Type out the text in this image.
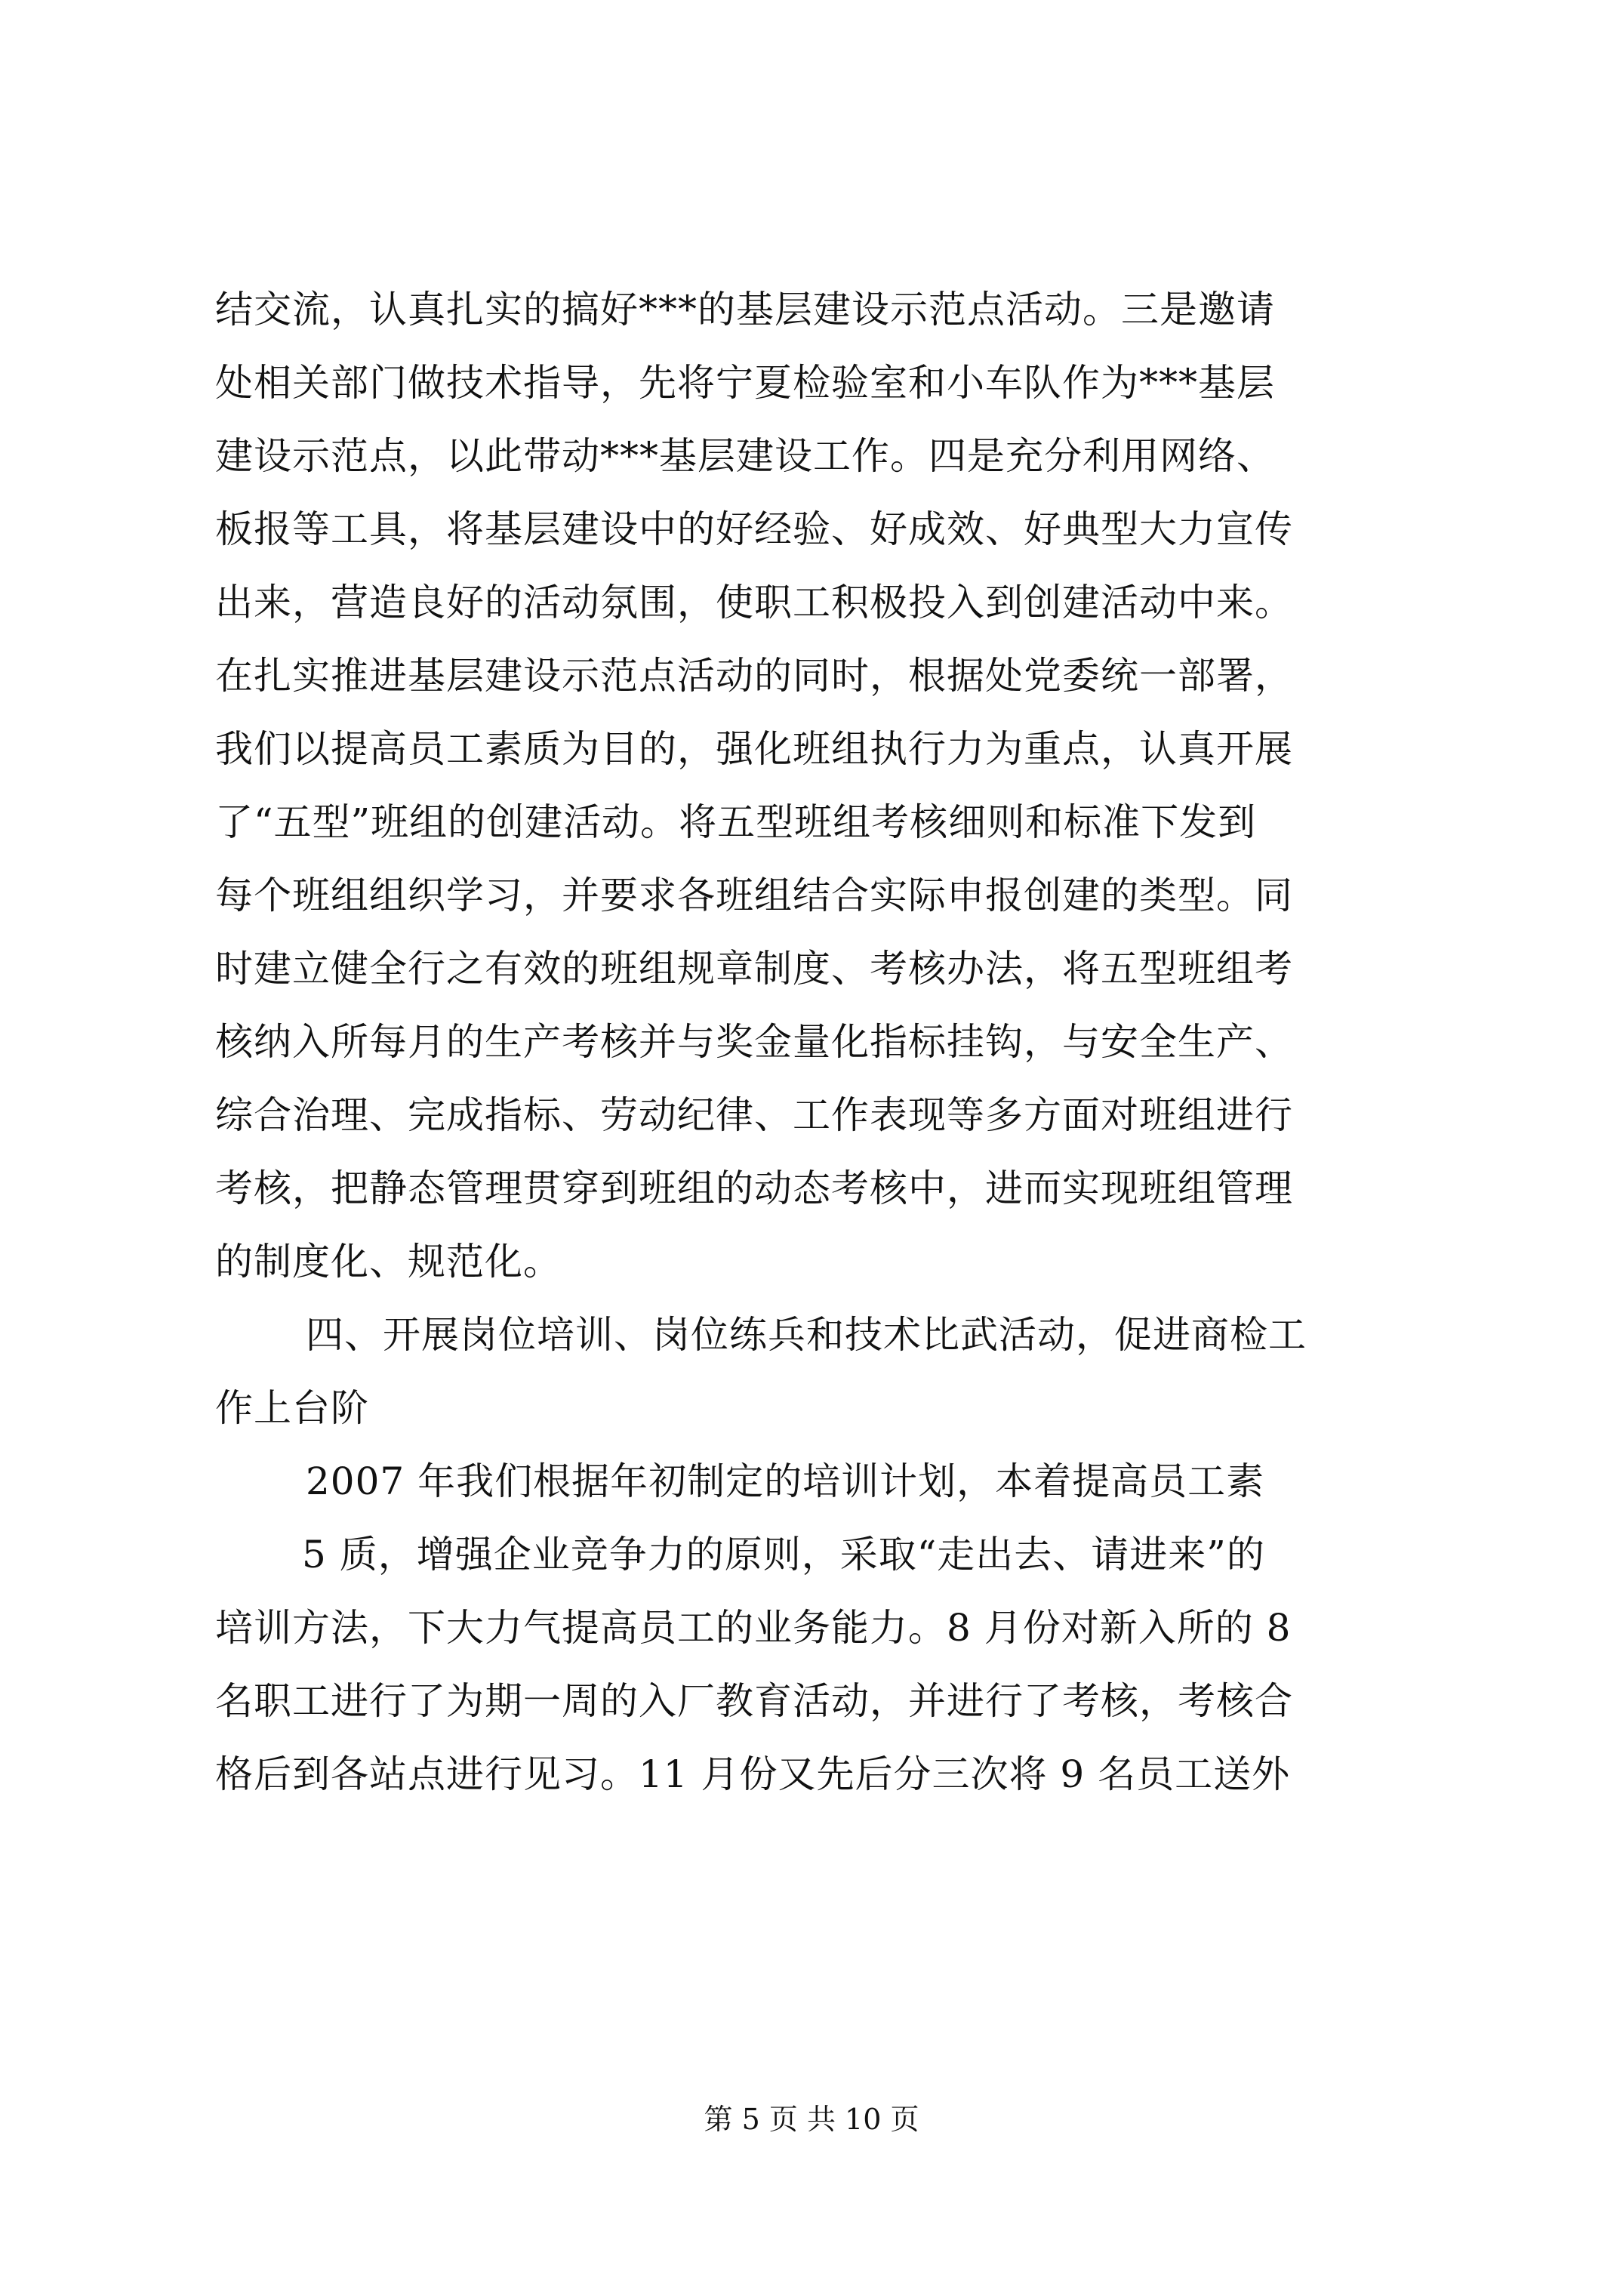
结交流，认真扎实的搞好***的基层建设示范点活动。三是邀请
处相关部门做技术指导，先将宁夏检验室和小车队作为***基层
建设示范点，以此带动***基层建设工作。四是充分利用网络、
板报等工具，将基层建设中的好经验、好成效、好典型大力宣传
出来，营造良好的活动氛围，使职工积极投入到创建活动中来。
在扎实推进基层建设示范点活动的同时，根据处党委统一部署，
我们以提高员工素质为目的，强化班组执行力为重点，认真开展
了“五型”班组的创建活动。将五型班组考核细则和标准下发到
每个班组组织学习，并要求各班组结合实际申报创建的类型。同
时建立健全行之有效的班组规章制度、考核办法，将五型班组考
核纳入所每月的生产考核并与奖金量化指标挂钩，与安全生产、
综合治理、完成指标、劳动纪律、工作表现等多方面对班组进行
考核，把静态管理贯穿到班组的动态考核中，进而实现班组管理
的制度化、规范化。
四、开展岗位培训、岗位练兵和技术比武活动，促进商检工
作上台阶
2007 年我们根据年初制定的培训计划，本着提高员工素
5 质，增强企业竞争力的原则，采取“走出去、请进来”的
培训方法，下大力气提高员工的业务能力。8 月份对新入所的 8
名职工进行了为期一周的入厂教育活动，并进行了考核，考核合
格后到各站点进行见习。11 月份又先后分三次将 9 名员工送外
第 5 页 共 10 页
